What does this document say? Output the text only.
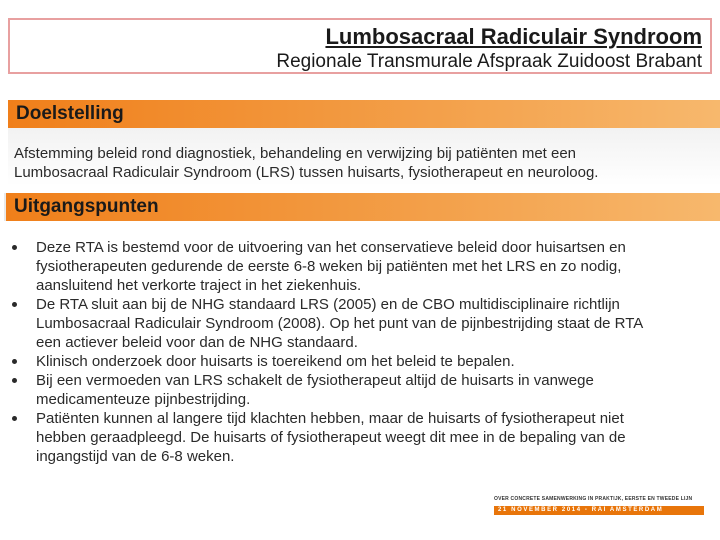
Lumbosacraal Radiculair Syndroom
Regionale Transmurale Afspraak Zuidoost Brabant
Doelstelling
Afstemming beleid rond diagnostiek, behandeling en verwijzing bij patiënten met een
Lumbosacraal Radiculair Syndroom (LRS) tussen huisarts, fysiotherapeut en neuroloog.
Uitgangspunten
Deze RTA is bestemd voor de uitvoering van het conservatieve beleid door huisartsen en
fysiotherapeuten gedurende de eerste 6-8 weken bij patiënten met het LRS en zo nodig,
aansluitend het verkorte traject in het ziekenhuis.
De RTA sluit aan bij de NHG standaard LRS (2005) en de CBO multidisciplinaire richtlijn
Lumbosacraal Radiculair Syndroom (2008). Op het punt van de pijnbestrijding staat de RTA
een actiever beleid voor dan de NHG standaard.
Klinisch onderzoek door huisarts is toereikend om het beleid te bepalen.
Bij een vermoeden van LRS schakelt de fysiotherapeut altijd de huisarts in vanwege
medicamenteuze pijnbestrijding.
Patiënten kunnen al langere tijd klachten hebben, maar de huisarts of fysiotherapeut niet
hebben geraadpleegd. De huisarts of fysiotherapeut weegt dit mee in de bepaling van de
ingangstijd van de 6-8 weken.
OVER CONCRETE SAMENWERKING IN PRAKTIJK, EERSTE EN TWEEDE LIJN
21 NOVEMBER 2014 - RAI AMSTERDAM
